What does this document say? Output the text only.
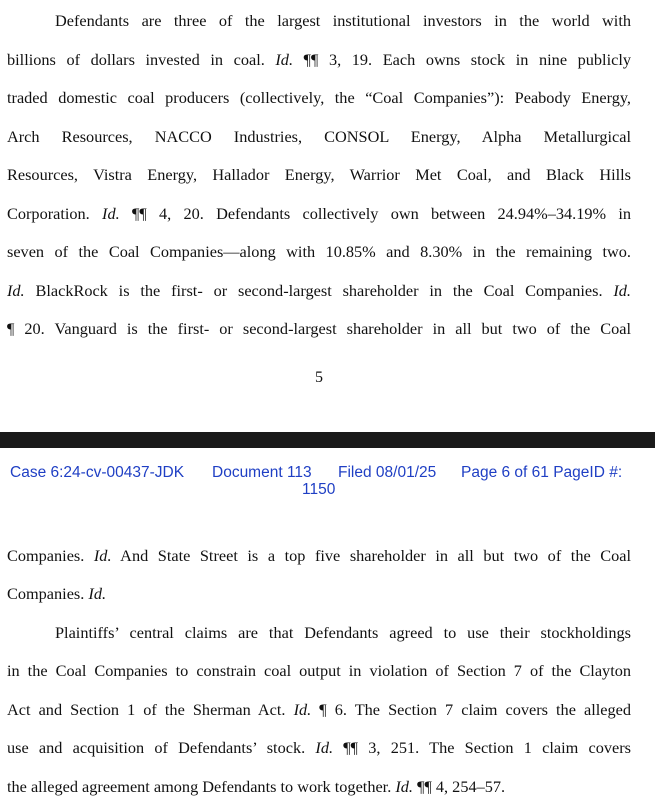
Defendants are three of the largest institutional investors in the world with
billions of dollars invested in coal. Id. ¶¶ 3, 19. Each owns stock in nine publicly
traded domestic coal producers (collectively, the “Coal Companies”): Peabody Energy,
Arch Resources, NACCO Industries, CONSOL Energy, Alpha Metallurgical
Resources, Vistra Energy, Hallador Energy, Warrior Met Coal, and Black Hills
Corporation. Id. ¶¶ 4, 20. Defendants collectively own between 24.94%–34.19% in
seven of the Coal Companies—along with 10.85% and 8.30% in the remaining two.
Id. BlackRock is the first- or second-largest shareholder in the Coal Companies. Id.
¶ 20. Vanguard is the first- or second-largest shareholder in all but two of the Coal
5
Case 6:24-cv-00437-JDK Document 113
1150
Filed 08/01/25 Page 6 of 61 PageID #:
Companies. Id. And State Street is a top five shareholder in all but two of the Coal
Companies. Id.
Plaintiffs’ central claims are that Defendants agreed to use their stockholdings
in the Coal Companies to constrain coal output in violation of Section 7 of the Clayton
Act and Section 1 of the Sherman Act. Id. ¶ 6. The Section 7 claim covers the alleged
use and acquisition of Defendants’ stock. Id. ¶¶ 3, 251. The Section 1 claim covers
the alleged agreement among Defendants to work together. Id. ¶¶ 4, 254–57.
